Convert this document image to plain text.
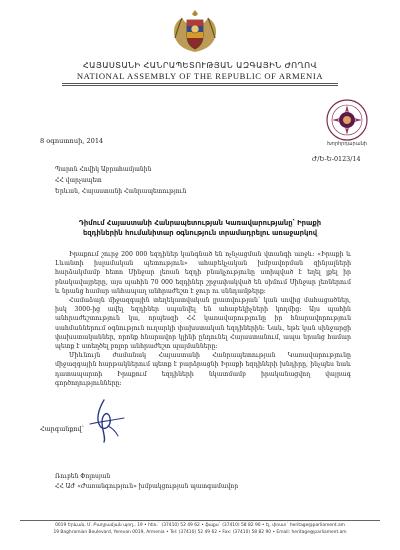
ՀԱՅԱՍՏԱՆԻ ՀԱՆՐԱՊԵՏՈՒԹՅԱՆ ԱԶԳԱՅԻՆ ԺՈՂՈՎ
NATIONAL ASSEMBLY OF THE REPUBLIC OF ARMENIA
Խորհրդարանի
8 օգոստոսի, 2014
Ժ/Ե-Ե-0123/14
Պարոն Հովիկ Աբրահամյանին
ՀՀ վարչապետ
Երևան, Հայաստանի Հանրապետություն
Դիմում Հայաստանի Հանրապետության Կառավարությանը՝ Իրաքի
եզդիներին հումանիտար օգնություն տրամադրելու առաջարկով

Իրաքում շուրջ 200 000 եզդիներ կանգնած են ոչնչացման վտանգի առջև: «Իրաքի և Լևանտի իսլամական պետություն» ահաբեկչական խմբավորման զինյալների հարձակմամբ հետո Սինջար լեռան եզդի բնակչությունը ստիպված է եղել լքել իր բնակավայրերը, այս պահին 70 000 եզդիներ շրջափակված են սիմում Սինջար լեռներում և նրանց համար անհապաղ անհրաժեշտ է ջուր ու սննդամթերք:

Համաձայն միջազգային տեղեկատվական լրատվության՝ կան սովից մահացածներ, իսկ 3000-ից ավել եզդիներ սպանվել են ահաբեկիչների կողմից: Այս պահին անհրաժեշտություն կա, որպեսզի ՀՀ կառավարությունը իր հնարավորություն սահմաններում օգնություն ուղարկի փախստական եզդիներին: Նաև, եթե կան սինջարցի փախստականներ, որոնք հնարավոր կլինի ընդունել Հայաստանում, ապա նրանց համար պետք է ստեղծել բոլոր անհրաժեշտ պայմանները:

Միևնույն ժամանակ Հայաստանի Հանրապետության Կառավարությունը միջազգային հարթակներում պետք է բարձրացնի Իրաքի եզդիների խնդիրը, ինչպես նաև դատապարտի Իրաքում եզդիների նկատմամբ իրականացվող վայրագ գործողությունները:

Հարգանքով՝
Ռուբեն Փոլոսյան
ՀՀ ԱԺ «Ժառանգություն» խմբակցության պատգամավոր
0019 Երևան, Մ. Բաղրամյան պող., 19 • հեռ.` (37410) 52 49 62 • ֆաքս` (37410) 58 82 90 • էլ. փոստ` heritage@parliament.am
19 Baghramian Boulevard, Yerevan 0019, Armenia • Tel: (37410) 52 49 62 • Fax: (37410) 58 82 90 • Email: heritage@parliament.am
